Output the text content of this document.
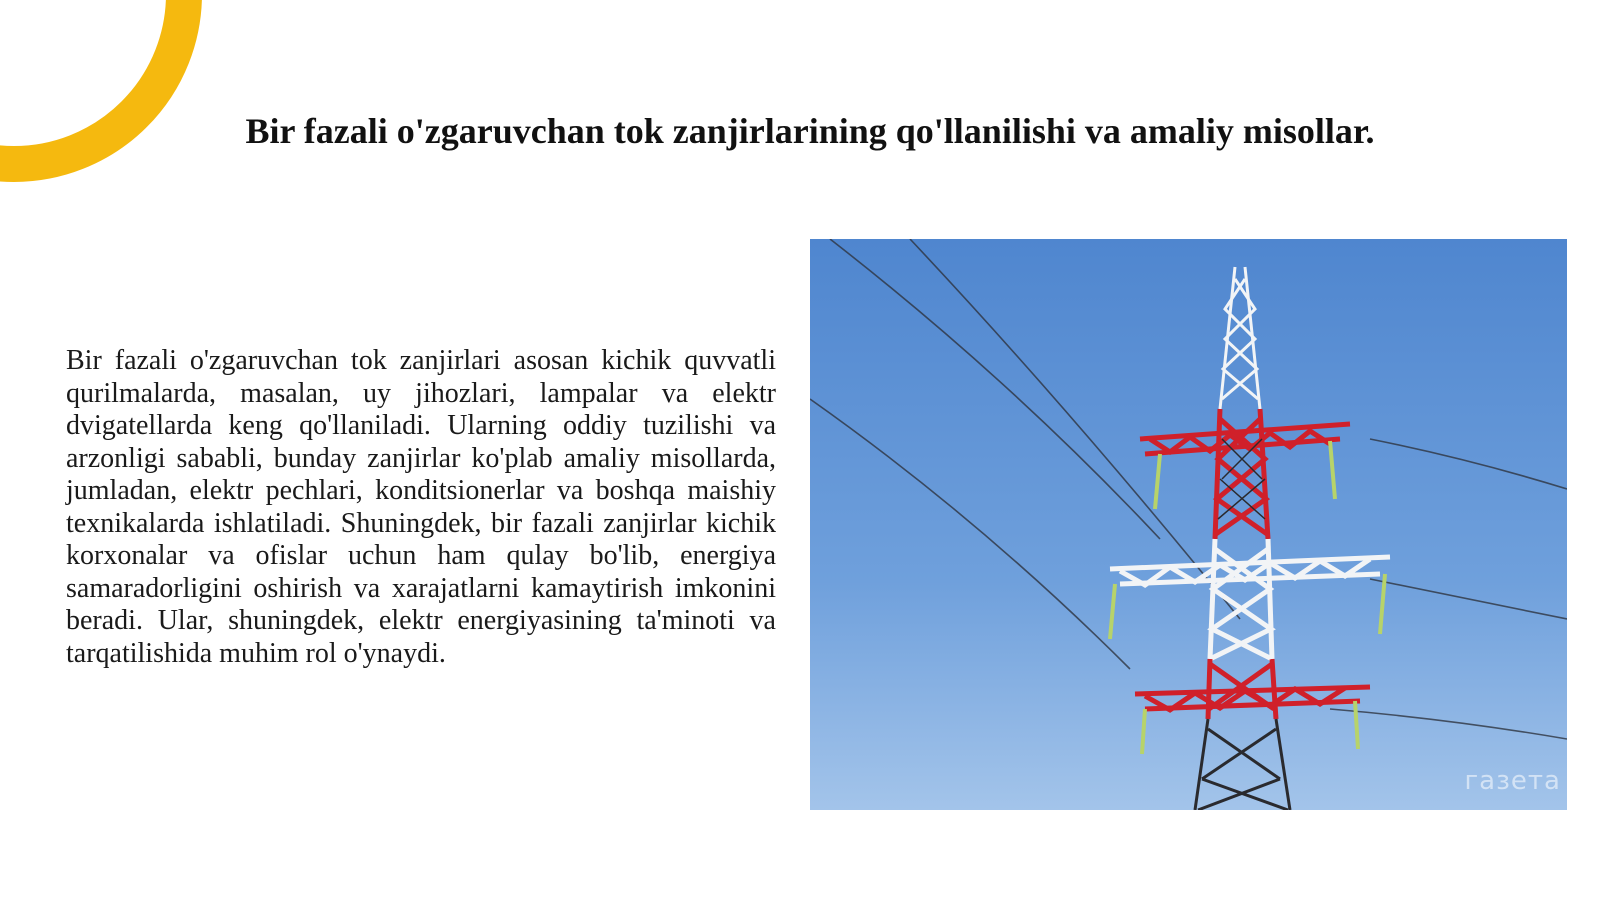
Bir fazali o'zgaruvchan tok zanjirlarining qo'llanilishi va amaliy misollar.

Bir fazali o'zgaruvchan tok zanjirlari asosan kichik quvvatli qurilmalarda, masalan, uy jihozlari, lampalar va elektr dvigatellarda keng qo'llaniladi. Ularning oddiy tuzilishi va arzonligi sababli, bunday zanjirlar ko'plab amaliy misollarda, jumladan, elektr pechlari, konditsionerlar va boshqa maishiy texnikalarda ishlatiladi. Shuningdek, bir fazali zanjirlar kichik korxonalar va ofislar uchun ham qulay bo'lib, energiya samaradorligini oshirish va xarajatlarni kamaytirish imkonini beradi. Ular, shuningdek, elektr energiyasining ta'minoti va tarqatilishida muhim rol o'ynaydi.

газета
